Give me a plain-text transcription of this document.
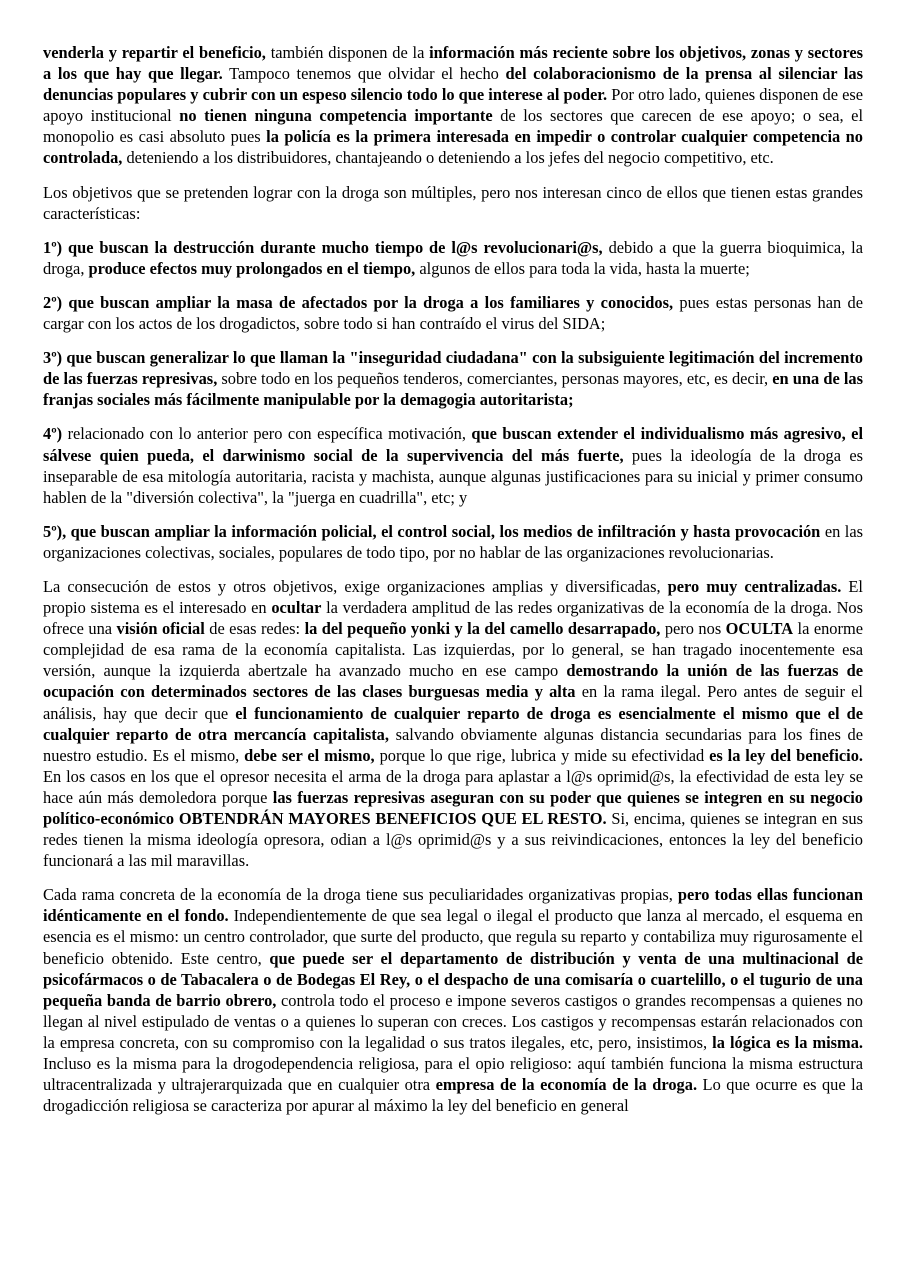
venderla y repartir el beneficio, también disponen de la información más reciente sobre los objetivos, zonas y sectores a los que hay que llegar. Tampoco tenemos que olvidar el hecho del colaboracionismo de la prensa al silenciar las denuncias populares y cubrir con un espeso silencio todo lo que interese al poder. Por otro lado, quienes disponen de ese apoyo institucional no tienen ninguna competencia importante de los sectores que carecen de ese apoyo; o sea, el monopolio es casi absoluto pues la policía es la primera interesada en impedir o controlar cualquier competencia no controlada, deteniendo a los distribuidores, chantajeando o deteniendo a los jefes del negocio competitivo, etc.

Los objetivos que se pretenden lograr con la droga son múltiples, pero nos interesan cinco de ellos que tienen estas grandes características:

1º) que buscan la destrucción durante mucho tiempo de l@s revolucionari@s, debido a que la guerra bioquimica, la droga, produce efectos muy prolongados en el tiempo, algunos de ellos para toda la vida, hasta la muerte;

2º) que buscan ampliar la masa de afectados por la droga a los familiares y conocidos, pues estas personas han de cargar con los actos de los drogadictos, sobre todo si han contraído el virus del SIDA;

3º) que buscan generalizar lo que llaman la "inseguridad ciudadana" con la subsiguiente legitimación del incremento de las fuerzas represivas, sobre todo en los pequeños tenderos, comerciantes, personas mayores, etc, es decir, en una de las franjas sociales más fácilmente manipulable por la demagogia autoritarista;

4º) relacionado con lo anterior pero con específica motivación, que buscan extender el individualismo más agresivo, el sálvese quien pueda, el darwinismo social de la supervivencia del más fuerte, pues la ideología de la droga es inseparable de esa mitología autoritaria, racista y machista, aunque algunas justificaciones para su inicial y primer consumo hablen de la "diversión colectiva", la "juerga en cuadrilla", etc; y

5º), que buscan ampliar la información policial, el control social, los medios de infiltración y hasta provocación en las organizaciones colectivas, sociales, populares de todo tipo, por no hablar de las organizaciones revolucionarias.

La consecución de estos y otros objetivos, exige organizaciones amplias y diversificadas, pero muy centralizadas. El propio sistema es el interesado en ocultar la verdadera amplitud de las redes organizativas de la economía de la droga. Nos ofrece una visión oficial de esas redes: la del pequeño yonki y la del camello desarrapado, pero nos OCULTA la enorme complejidad de esa rama de la economía capitalista. Las izquierdas, por lo general, se han tragado inocentemente esa versión, aunque la izquierda abertzale ha avanzado mucho en ese campo demostrando la unión de las fuerzas de ocupación con determinados sectores de las clases burguesas media y alta en la rama ilegal. Pero antes de seguir el análisis, hay que decir que el funcionamiento de cualquier reparto de droga es esencialmente el mismo que el de cualquier reparto de otra mercancía capitalista, salvando obviamente algunas distancia secundarias para los fines de nuestro estudio. Es el mismo, debe ser el mismo, porque lo que rige, lubrica y mide su efectividad es la ley del beneficio. En los casos en los que el opresor necesita el arma de la droga para aplastar a l@s oprimid@s, la efectividad de esta ley se hace aún más demoledora porque las fuerzas represivas aseguran con su poder que quienes se integren en su negocio político-económico OBTENDRÁN MAYORES BENEFICIOS QUE EL RESTO. Si, encima, quienes se integran en sus redes tienen la misma ideología opresora, odian a l@s oprimid@s y a sus reivindicaciones, entonces la ley del beneficio funcionará a las mil maravillas.

Cada rama concreta de la economía de la droga tiene sus peculiaridades organizativas propias, pero todas ellas funcionan idénticamente en el fondo. Independientemente de que sea legal o ilegal el producto que lanza al mercado, el esquema en esencia es el mismo: un centro controlador, que surte del producto, que regula su reparto y contabiliza muy rigurosamente el beneficio obtenido. Este centro, que puede ser el departamento de distribución y venta de una multinacional de psicofármacos o de Tabacalera o de Bodegas El Rey, o el despacho de una comisaría o cuartelillo, o el tugurio de una pequeña banda de barrio obrero, controla todo el proceso e impone severos castigos o grandes recompensas a quienes no llegan al nivel estipulado de ventas o a quienes lo superan con creces. Los castigos y recompensas estarán relacionados con la empresa concreta, con su compromiso con la legalidad o sus tratos ilegales, etc, pero, insistimos, la lógica es la misma. Incluso es la misma para la drogodependencia religiosa, para el opio religioso: aquí también funciona la misma estructura ultracentralizada y ultrajerarquizada que en cualquier otra empresa de la economía de la droga. Lo que ocurre es que la drogadicción religiosa se caracteriza por apurar al máximo la ley del beneficio en general
